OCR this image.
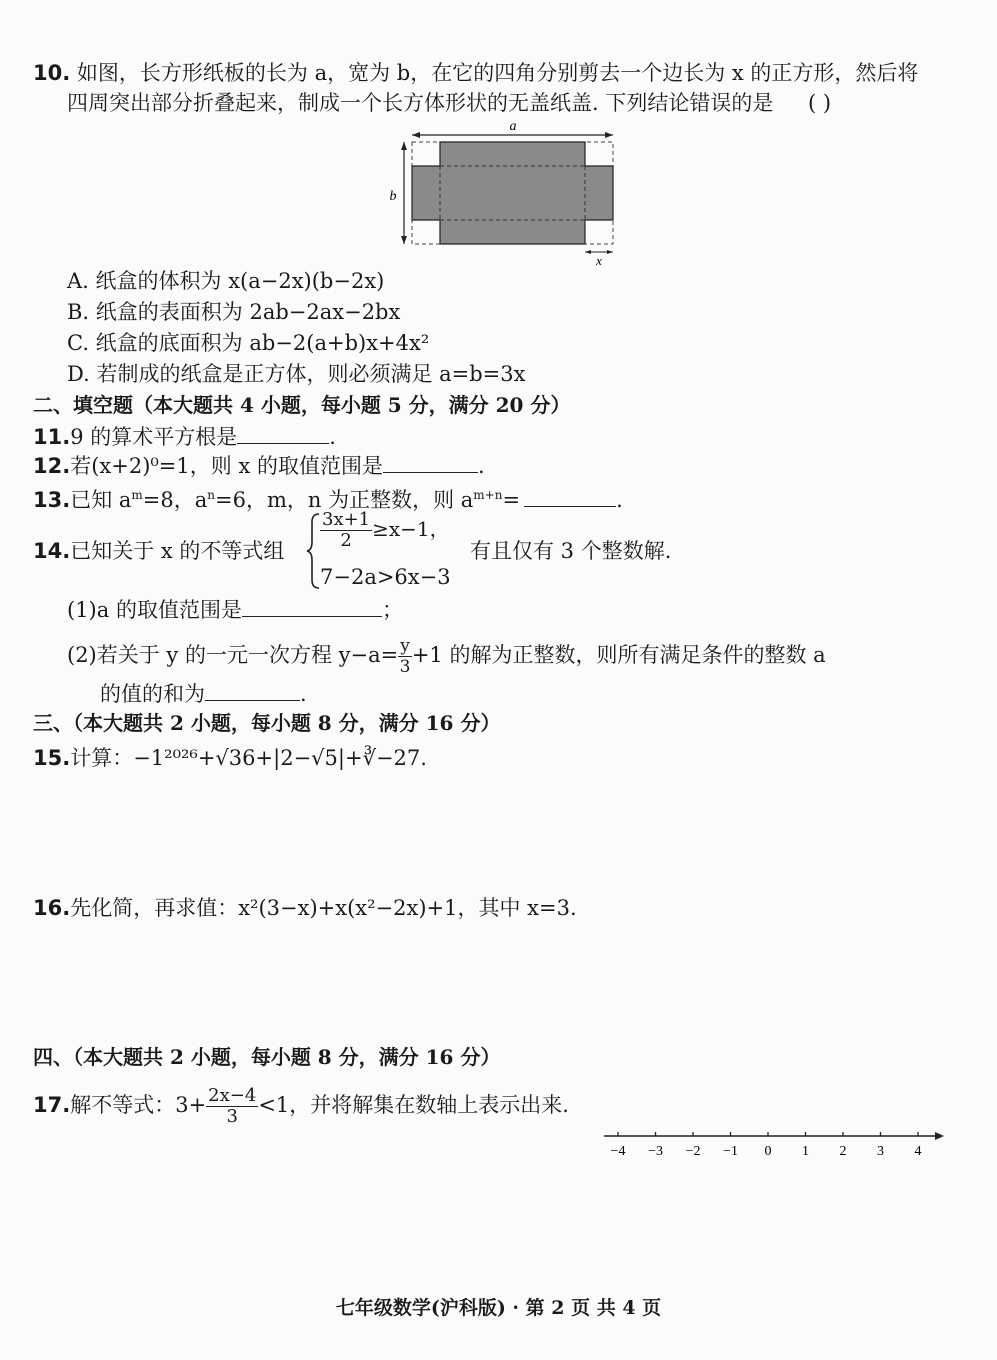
10. 如图，长方形纸板的长为 a，宽为 b，在它的四角分别剪去一个边长为 x 的正方形，然后将
四周突出部分折叠起来，制成一个长方体形状的无盖纸盖. 下列结论错误的是 ( )
a
b
x
A. 纸盒的体积为 x(a−2x)(b−2x)
B. 纸盒的表面积为 2ab−2ax−2bx
C. 纸盒的底面积为 ab−2(a+b)x+4x²
D. 若制成的纸盒是正方体，则必须满足 a=b=3x
二、填空题（本大题共 4 小题，每小题 5 分，满分 20 分）
11.9 的算术平方根是	.
12.若(x+2)⁰=1，则 x 的取值范围是	.
13.已知 $a^m=8$，$a^n=6$，m，n 为正整数，则 $a^{m+n}=$	.
14.已知关于 x 的不等式组 $\frac{3x+1}{2} \ge x-1$，
7−2a>6x−3
有且仅有 3 个整数解.
(1)a 的取值范围是	；
(2)若关于 y 的一元一次方程 $y-a= \frac{y}{3} +1$ 的解为正整数，则所有满足条件的整数 a
的值的和为	.
三、（本大题共 2 小题，每小题 8 分，满分 16 分）
15.计算：−1²⁰²⁶+√36+|2−√5|+∛−27.
16.先化简，再求值：x²(3−x)+x(x²−2x)+1，其中 x=3.
四、（本大题共 2 小题，每小题 8 分，满分 16 分）
17.解不等式：$3+ \frac{2x-4}{3} <1$，并将解集在数轴上表示出来.
−4 −3 −2 −1 0 1 2 3 4
七年级数学(沪科版) · 第 2 页 共 4 页
